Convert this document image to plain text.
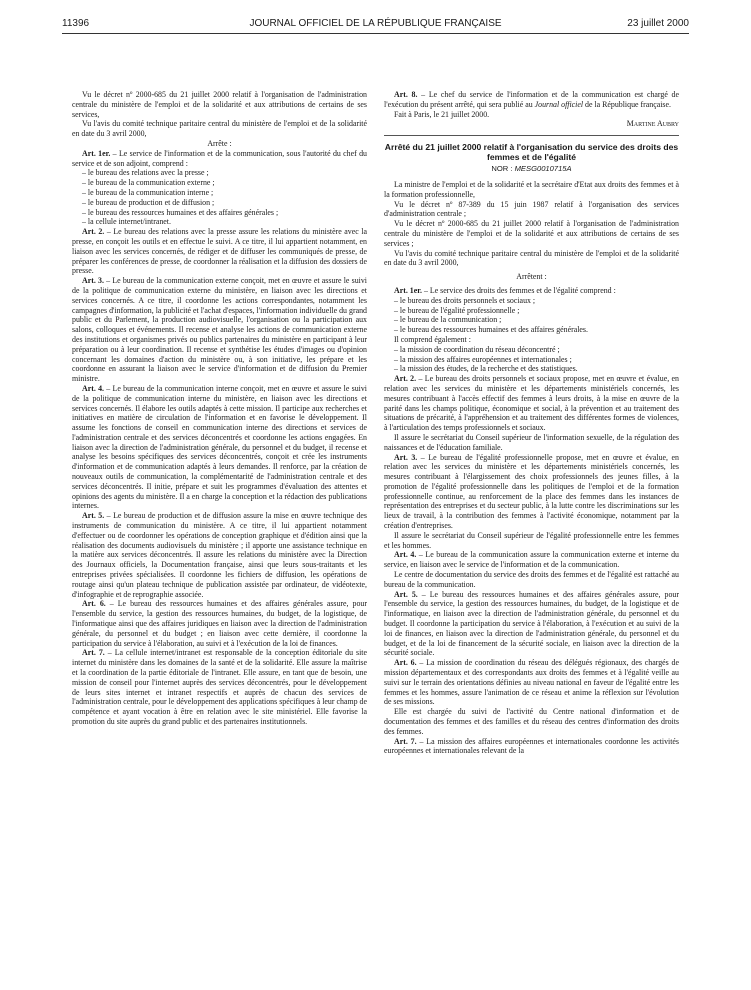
11396	JOURNAL OFFICIEL DE LA RÉPUBLIQUE FRANÇAISE	23 juillet 2000

Vu le décret nº 2000-685 du 21 juillet 2000 relatif à l'organisation de l'administration centrale du ministère de l'emploi et de la solidarité et aux attributions de certains de ses services,

Vu l'avis du comité technique paritaire central du ministère de l'emploi et de la solidarité en date du 3 avril 2000,

Arrête :

Art. 1er. – Le service de l'information et de la communication, sous l'autorité du chef du service et de son adjoint, comprend :

– le bureau des relations avec la presse ;
– le bureau de la communication externe ;
– le bureau de la communication interne ;
– le bureau de production et de diffusion ;
– le bureau des ressources humaines et des affaires générales ;
– la cellule internet/intranet.

Art. 2. – Le bureau des relations avec la presse assure les relations du ministère avec la presse, en conçoit les outils et en effectue le suivi. A ce titre, il lui appartient notamment, en liaison avec les services concernés, de rédiger et de diffuser les communiqués de presse, de préparer les conférences de presse, de coordonner la réalisation et la diffusion des dossiers de presse.

Art. 3. – Le bureau de la communication externe conçoit, met en œuvre et assure le suivi de la politique de communication externe du ministère, en liaison avec les directions et services concernés. A ce titre, il coordonne les actions correspondantes, notamment les campagnes d'information, la publicité et l'achat d'espaces, l'information individuelle du grand public et du Parlement, la production audiovisuelle, l'organisation ou la participation aux salons, colloques et événements. Il recense et analyse les actions de communication externe des institutions et organismes privés ou publics partenaires du ministère en participant à leur préparation ou à leur coordination. Il recense et synthétise les études d'images ou d'opinion concernant les domaines d'action du ministère ou, à son initiative, les prépare et les coordonne en assurant la liaison avec le service d'information et de diffusion du Premier ministre.

Art. 4. – Le bureau de la communication interne conçoit, met en œuvre et assure le suivi de la politique de communication interne du ministère, en liaison avec les directions et services concernés. Il élabore les outils adaptés à cette mission. Il participe aux recherches et initiatives en matière de circulation de l'information et en favorise le développement. Il assume les fonctions de conseil en communication interne des directions et services de l'administration centrale et des services déconcentrés et coordonne les actions engagées. En liaison avec la direction de l'administration générale, du personnel et du budget, il recense et analyse les besoins spécifiques des services déconcentrés, conçoit et crée les instruments d'information et de communication adaptés à leurs demandes. Il renforce, par la création de nouveaux outils de communication, la complémentarité de l'administration centrale et des services déconcentrés. Il initie, prépare et suit les programmes d'évaluation des attentes et opinions des agents du ministère. Il a en charge la conception et la rédaction des publications internes.

Art. 5. – Le bureau de production et de diffusion assure la mise en œuvre technique des instruments de communication du ministère. A ce titre, il lui appartient notamment d'effectuer ou de coordonner les opérations de conception graphique et d'édition ainsi que la réalisation des documents audiovisuels du ministère ; il apporte une assistance technique en la matière aux services déconcentrés. Il assure les relations du ministère avec la Direction des Journaux officiels, la Documentation française, ainsi que leurs sous-traitants et les entreprises privées spécialisées. Il coordonne les fichiers de diffusion, les opérations de routage ainsi qu'un plateau technique de publication assistée par ordinateur, de vidéotexte, d'infographie et de reprographie associée.

Art. 6. – Le bureau des ressources humaines et des affaires générales assure, pour l'ensemble du service, la gestion des ressources humaines, du budget, de la logistique, de l'informatique ainsi que des affaires juridiques en liaison avec la direction de l'administration générale, du personnel et du budget ; en liaison avec cette dernière, il coordonne la participation du service à l'élaboration, au suivi et à l'exécution de la loi de finances.

Art. 7. – La cellule internet/intranet est responsable de la conception éditoriale du site internet du ministère dans les domaines de la santé et de la solidarité. Elle assure la maîtrise et la coordination de la partie éditoriale de l'intranet. Elle assure, en tant que de besoin, une mission de conseil pour l'internet auprès des services déconcentrés, pour le développement de leurs sites internet et intranet respectifs et auprès de chacun des services de l'administration centrale, pour le développement des applications spécifiques à leur champ de compétence et ayant vocation à être en relation avec le site ministériel. Elle favorise la promotion du site auprès du grand public et des partenaires institutionnels.

Art. 8. – Le chef du service de l'information et de la communication est chargé de l'exécution du présent arrêté, qui sera publié au Journal officiel de la République française.

Fait à Paris, le 21 juillet 2000.

Martine Aubry

Arrêté du 21 juillet 2000 relatif à l'organisation du service des droits des femmes et de l'égalité
NOR : MESG0010715A

La ministre de l'emploi et de la solidarité et la secrétaire d'Etat aux droits des femmes et à la formation professionnelle,

Vu le décret nº 87-389 du 15 juin 1987 relatif à l'organisation des services d'administration centrale ;

Vu le décret nº 2000-685 du 21 juillet 2000 relatif à l'organisation de l'administration centrale du ministère de l'emploi et de la solidarité et aux attributions de certains de ses services ;

Vu l'avis du comité technique paritaire central du ministère de l'emploi et de la solidarité en date du 3 avril 2000,

Arrêtent :

Art. 1er. – Le service des droits des femmes et de l'égalité comprend :

– le bureau des droits personnels et sociaux ;
– le bureau de l'égalité professionnelle ;
– le bureau de la communication ;
– le bureau des ressources humaines et des affaires générales.

Il comprend également :

– la mission de coordination du réseau déconcentré ;
– la mission des affaires européennes et internationales ;
– la mission des études, de la recherche et des statistiques.

Art. 2. – Le bureau des droits personnels et sociaux propose, met en œuvre et évalue, en relation avec les services du ministère et les départements ministériels concernés, les mesures contribuant à l'accès effectif des femmes à leurs droits, à la mise en œuvre de la parité dans les champs politique, économique et social, à la prévention et au traitement des situations de précarité, à l'appréhension et au traitement des différentes formes de violences, à l'articulation des temps professionnels et sociaux.

Il assure le secrétariat du Conseil supérieur de l'information sexuelle, de la régulation des naissances et de l'éducation familiale.

Art. 3. – Le bureau de l'égalité professionnelle propose, met en œuvre et évalue, en relation avec les services du ministère et les départements ministériels concernés, les mesures contribuant à l'élargissement des choix professionnels des jeunes filles, à la promotion de l'égalité professionnelle dans les politiques de l'emploi et de la formation professionnelle continue, au renforcement de la place des femmes dans les instances de représentation des entreprises et du secteur public, à la lutte contre les discriminations sur les lieux de travail, à la contribution des femmes à l'activité économique, notamment par la création d'entreprises.

Il assure le secrétariat du Conseil supérieur de l'égalité professionnelle entre les femmes et les hommes.

Art. 4. – Le bureau de la communication assure la communication externe et interne du service, en liaison avec le service de l'information et de la communication.

Le centre de documentation du service des droits des femmes et de l'égalité est rattaché au bureau de la communication.

Art. 5. – Le bureau des ressources humaines et des affaires générales assure, pour l'ensemble du service, la gestion des ressources humaines, du budget, de la logistique et de l'informatique, en liaison avec la direction de l'administration générale, du personnel et du budget. Il coordonne la participation du service à l'élaboration, à l'exécution et au suivi de la loi de finances, en liaison avec la direction de l'administration générale, du personnel et du budget, et de la loi de financement de la sécurité sociale, en liaison avec la direction de la sécurité sociale.

Art. 6. – La mission de coordination du réseau des délégués régionaux, des chargés de mission départementaux et des correspondants aux droits des femmes et à l'égalité veille au suivi sur le terrain des orientations définies au niveau national en faveur de l'égalité entre les femmes et les hommes, assure l'animation de ce réseau et anime la réflexion sur l'évolution de ses missions.

Elle est chargée du suivi de l'activité du Centre national d'information et de documentation des femmes et des familles et du réseau des centres d'information des droits des femmes.

Art. 7. – La mission des affaires européennes et internationales coordonne les activités européennes et internationales relevant de la
